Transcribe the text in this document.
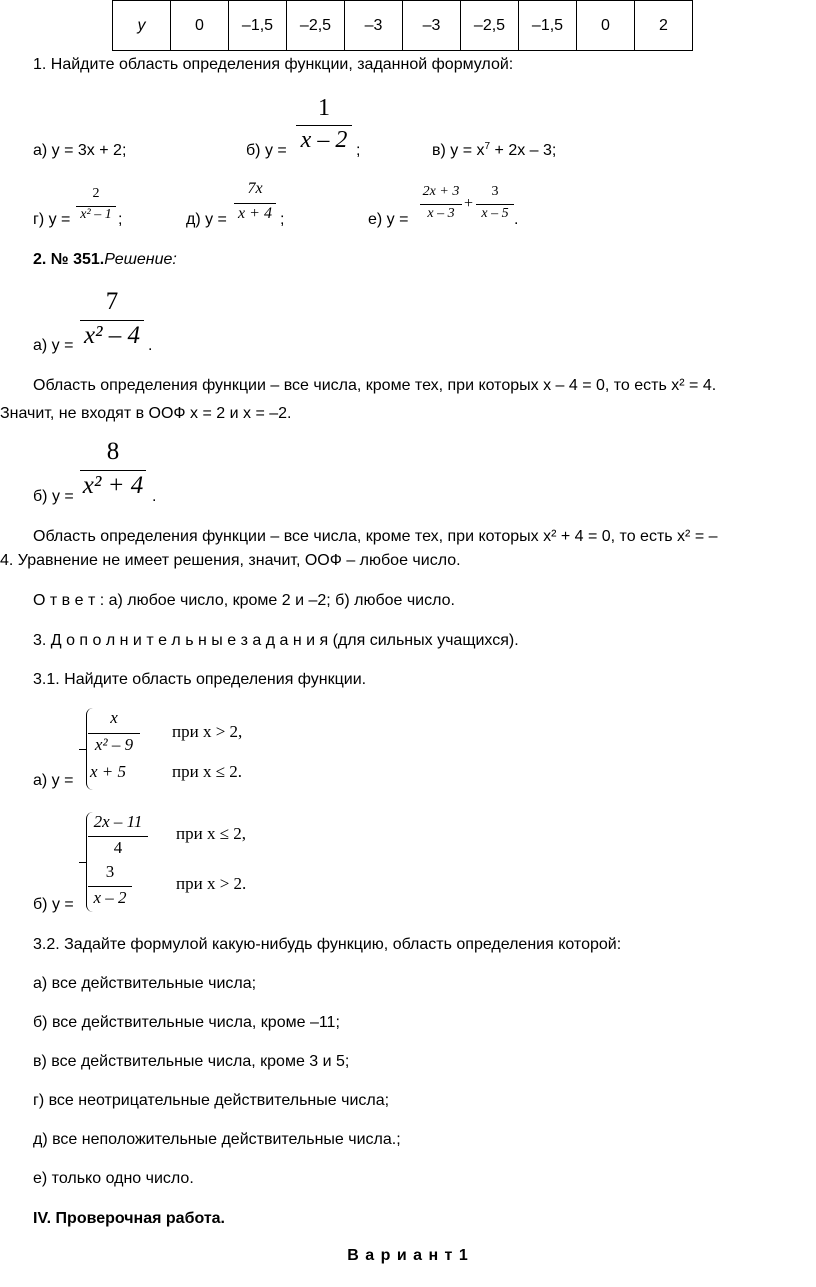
y	0	–1,5	–2,5	–3	–3	–2,5	–1,5	0	2
1. Найдите область определения функции, заданной формулой:
а) y = 3x + 2;	б) y =
1
x – 2 ;	в) $y = x^7 + 2x - 3$;
г) y =
2
x² – 1 ;	д) y =
7x
x + 4 ;	е) y =
2x + 3
x – 3
+
3
x – 5 .
2. № 351.Решение:
а) y =
7
x² – 4 .
Область определения функции – все числа, кроме тех, при которых x – 4 = 0, то есть x² = 4.
Значит, не входят в ООФ x = 2 и x = –2.
б) y =
8
x² + 4 .
Область определения функции – все числа, кроме тех, при которых x² + 4 = 0, то есть x² = –
4. Уравнение не имеет решения, значит, ООФ – любое число.
О т в е т : а) любое число, кроме 2 и –2; б) любое число.
3. Д о п о л н и т е л ь н ы е з а д а н и я (для сильных учащихся).
3.1. Найдите область определения функции.
а) y =
x
x² – 9
при x > 2,
x + 5	при x ≤ 2.
б) y =
2x – 11
4
при x ≤ 2,
3
x – 2
при x > 2.
3.2. Задайте формулой какую-нибудь функцию, область определения которой:
а) все действительные числа;
б) все действительные числа, кроме –11;
в) все действительные числа, кроме 3 и 5;
г) все неотрицательные действительные числа;
д) все неположительные действительные числа.;
е) только одно число.
IV. Проверочная работа.
В а р и а н т 1
